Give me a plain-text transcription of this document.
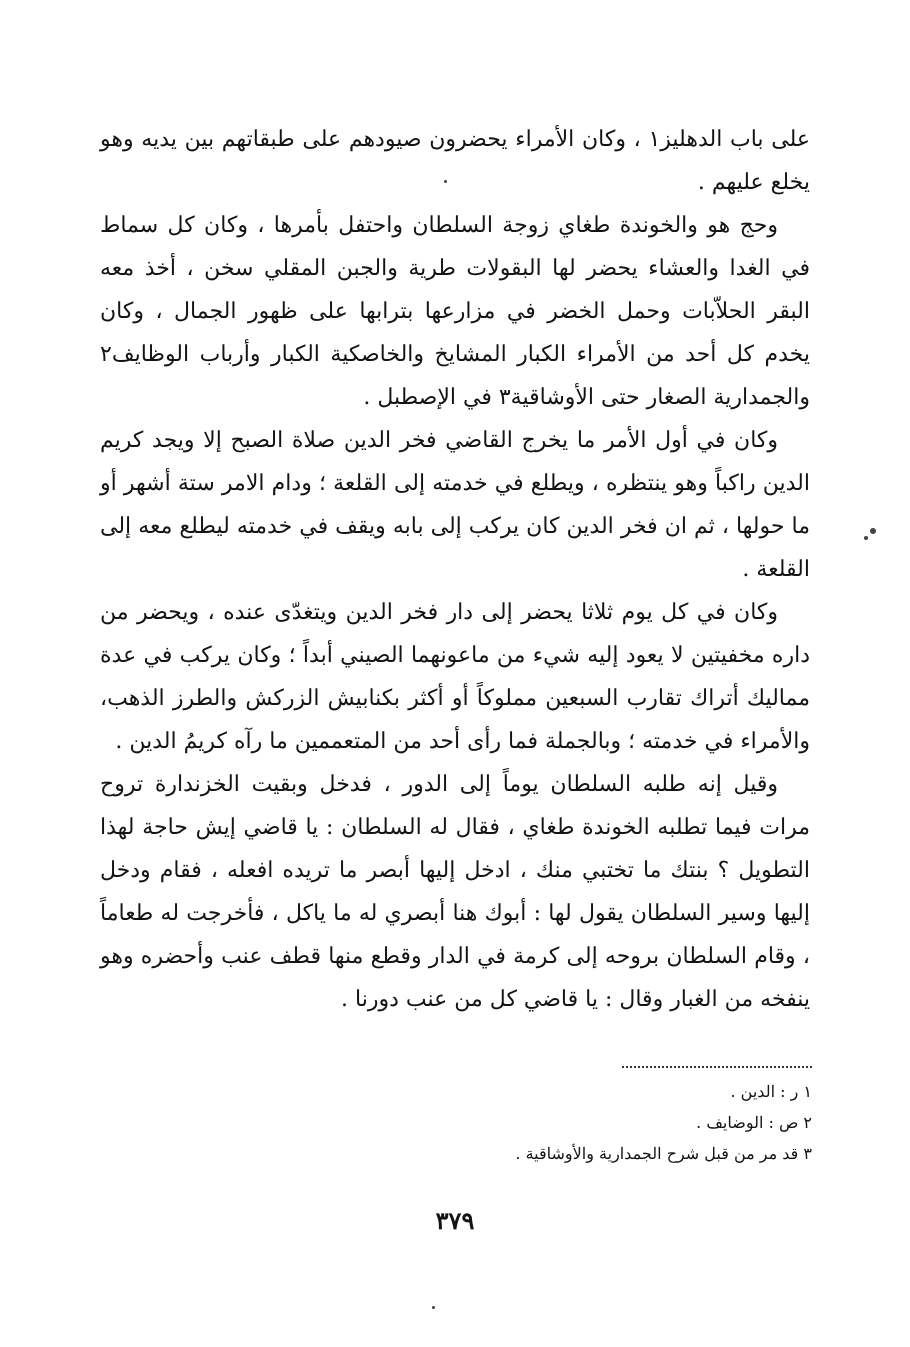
على باب الدهليز١ ، وكان الأمراء يحضرون صيودهم على طبقاتهم بين يديه وهو يخلع عليهم .

وحج هو والخوندة طغاي زوجة السلطان واحتفل بأمرها ، وكان كل سماط في الغدا والعشاء يحضر لها البقولات طرية والجبن المقلي سخن ، أخذ معه البقر الحلاّبات وحمل الخضر في مزارعها بترابها على ظهور الجمال ، وكان يخدم كل أحد من الأمراء الكبار المشايخ والخاصكية الكبار وأرباب الوظايف٢ والجمدارية الصغار حتى الأوشاقية٣ في الإصطبل .

وكان في أول الأمر ما يخرج القاضي فخر الدين صلاة الصبح إلا ويجد كريم الدين راكباً وهو ينتظره ، ويطلع في خدمته إلى القلعة ؛ ودام الامر ستة أشهر أو ما حولها ، ثم ان فخر الدين كان يركب إلى بابه ويقف في خدمته ليطلع معه إلى القلعة .

وكان في كل يوم ثلاثا يحضر إلى دار فخر الدين ويتغدّى عنده ، ويحضر من داره مخفيتين لا يعود إليه شيء من ماعونهما الصيني أبداً ؛ وكان يركب في عدة مماليك أتراك تقارب السبعين مملوكاً أو أكثر بكنابيش الزركش والطرز الذهب، والأمراء في خدمته ؛ وبالجملة فما رأى أحد من المتعممين ما رآه كريمُ الدين .

وقيل إنه طلبه السلطان يوماً إلى الدور ، فدخل وبقيت الخزندارة تروح مرات فيما تطلبه الخوندة طغاي ، فقال له السلطان : يا قاضي إيش حاجة لهذا التطويل ؟ بنتك ما تختبي منك ، ادخل إليها أبصر ما تريده افعله ، فقام ودخل إليها وسير السلطان يقول لها : أبوك هنا أبصري له ما ياكل ، فأخرجت له طعاماً ، وقام السلطان بروحه إلى كرمة في الدار وقطع منها قطف عنب وأحضره وهو ينفخه من الغبار وقال : يا قاضي كل من عنب دورنا .

١ ر : الدين .
٢ ص : الوضايف .
٣ قد مر من قبل شرح الجمدارية والأوشاقية .
٣٧٩
